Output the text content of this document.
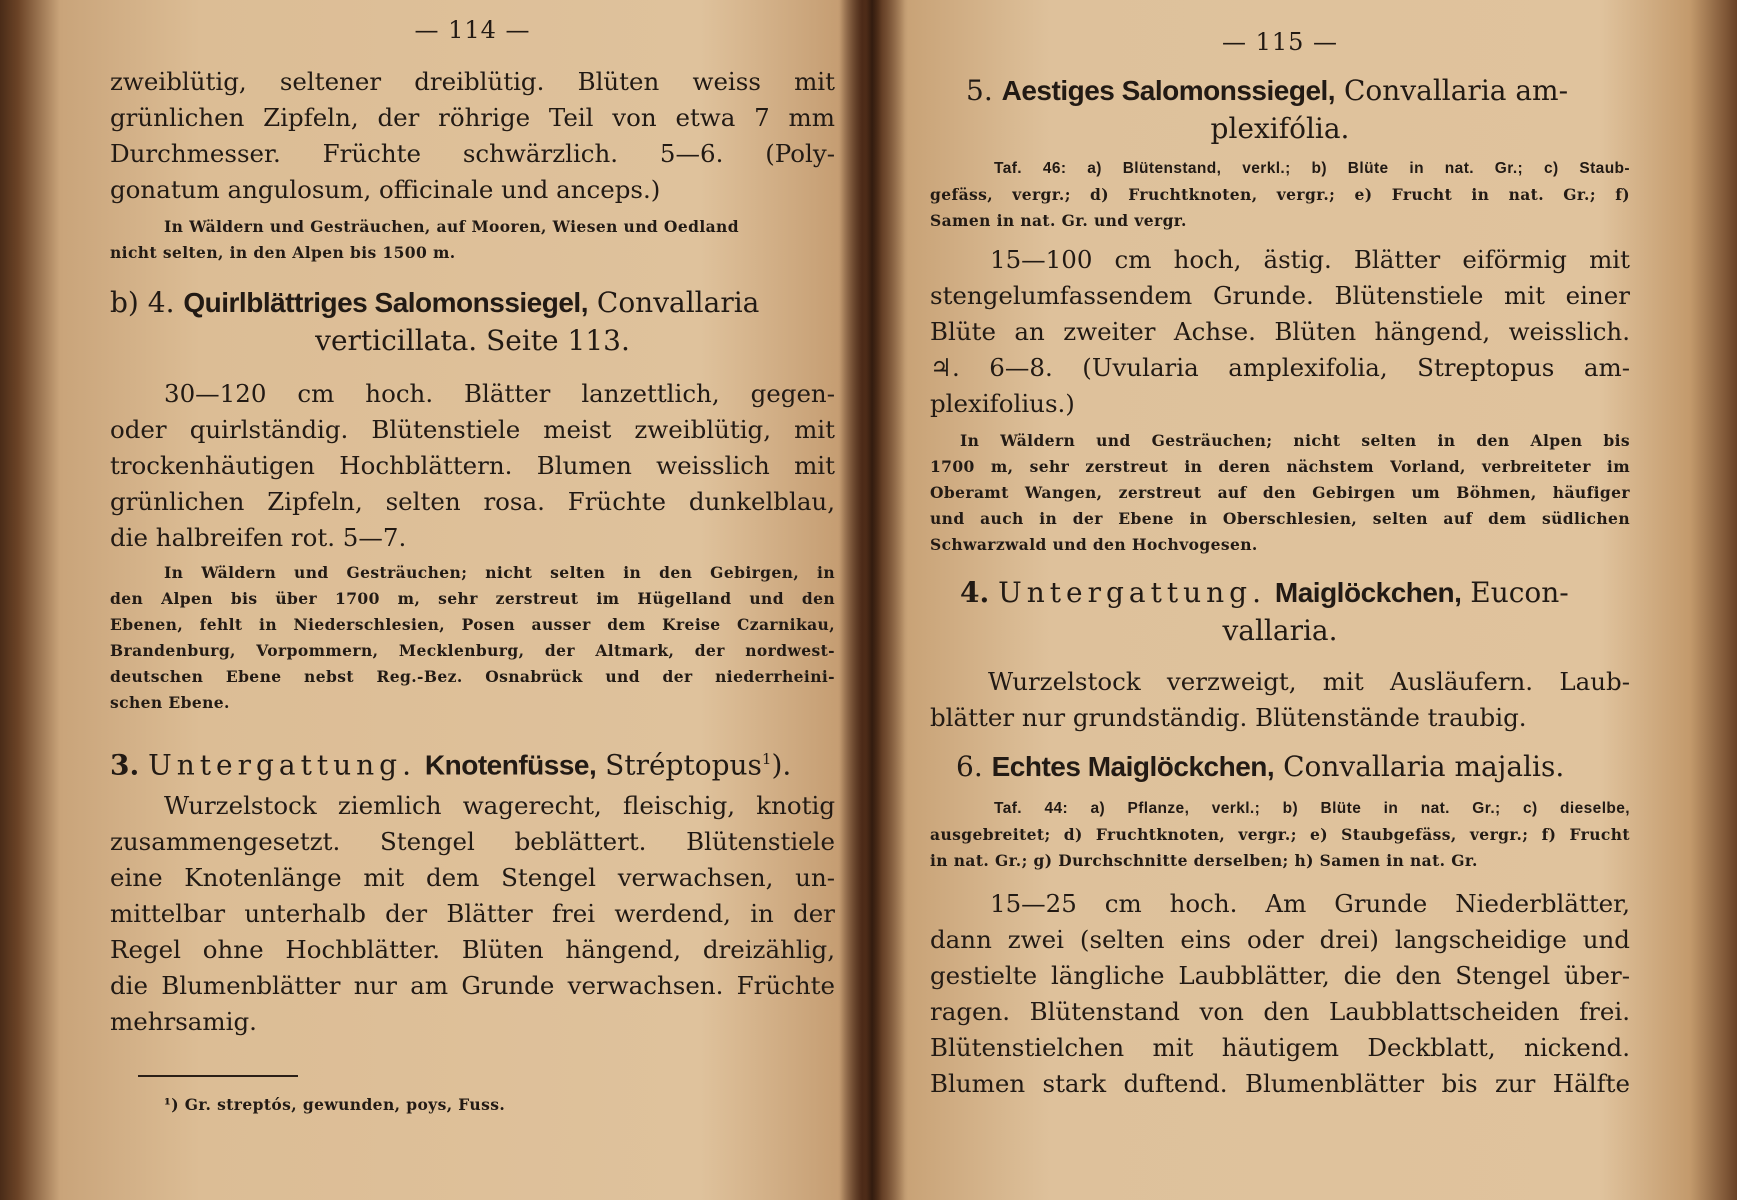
— 114 —
zweiblütig, seltener dreiblütig. Blüten weiss mit
grünlichen Zipfeln, der röhrige Teil von etwa 7 mm
Durchmesser. Früchte schwärzlich. 5—6. (Poly-
gonatum angulosum, officinale und anceps.)
In Wäldern und Gesträuchen, auf Mooren, Wiesen und Oedland
nicht selten, in den Alpen bis 1500 m.
b) 4. Quirlblättriges Salomonssiegel, Convallaria
verticillata. Seite 113.
30—120 cm hoch. Blätter lanzettlich, gegen-
oder quirlständig. Blütenstiele meist zweiblütig, mit
trockenhäutigen Hochblättern. Blumen weisslich mit
grünlichen Zipfeln, selten rosa. Früchte dunkelblau,
die halbreifen rot. 5—7.
In Wäldern und Gesträuchen; nicht selten in den Gebirgen, in
den Alpen bis über 1700 m, sehr zerstreut im Hügelland und den
Ebenen, fehlt in Niederschlesien, Posen ausser dem Kreise Czarnikau,
Brandenburg, Vorpommern, Mecklenburg, der Altmark, der nordwest-
deutschen Ebene nebst Reg.-Bez. Osnabrück und der niederrheini-
schen Ebene.
3. Untergattung. Knotenfüsse, Stréptopus$^1$).
Wurzelstock ziemlich wagerecht, fleischig, knotig
zusammengesetzt. Stengel beblättert. Blütenstiele
eine Knotenlänge mit dem Stengel verwachsen, un-
mittelbar unterhalb der Blätter frei werdend, in der
Regel ohne Hochblätter. Blüten hängend, dreizählig,
die Blumenblätter nur am Grunde verwachsen. Früchte
mehrsamig.
¹) Gr. streptós, gewunden, poys, Fuss.
— 115 —
5. Aestiges Salomonssiegel, Convallaria am-
plexifólia.
Taf. 46: a) Blütenstand, verkl.; b) Blüte in nat. Gr.; c) Staub-
gefäss, vergr.; d) Fruchtknoten, vergr.; e) Frucht in nat. Gr.; f)
Samen in nat. Gr. und vergr.
15—100 cm hoch, ästig. Blätter eiförmig mit
stengelumfassendem Grunde. Blütenstiele mit einer
Blüte an zweiter Achse. Blüten hängend, weisslich.
♃. 6—8. (Uvularia amplexifolia, Streptopus am-
plexifolius.)
In Wäldern und Gesträuchen; nicht selten in den Alpen bis
1700 m, sehr zerstreut in deren nächstem Vorland, verbreiteter im
Oberamt Wangen, zerstreut auf den Gebirgen um Böhmen, häufiger
und auch in der Ebene in Oberschlesien, selten auf dem südlichen
Schwarzwald und den Hochvogesen.
4. Untergattung. Maiglöckchen, Eucon-
vallaria.
Wurzelstock verzweigt, mit Ausläufern. Laub-
blätter nur grundständig. Blütenstände traubig.
6. Echtes Maiglöckchen, Convallaria majalis.
Taf. 44: a) Pflanze, verkl.; b) Blüte in nat. Gr.; c) dieselbe,
ausgebreitet; d) Fruchtknoten, vergr.; e) Staubgefäss, vergr.; f) Frucht
in nat. Gr.; g) Durchschnitte derselben; h) Samen in nat. Gr.
15—25 cm hoch. Am Grunde Niederblätter,
dann zwei (selten eins oder drei) langscheidige und
gestielte längliche Laubblätter, die den Stengel über-
ragen. Blütenstand von den Laubblattscheiden frei.
Blütenstielchen mit häutigem Deckblatt, nickend.
Blumen stark duftend. Blumenblätter bis zur Hälfte
